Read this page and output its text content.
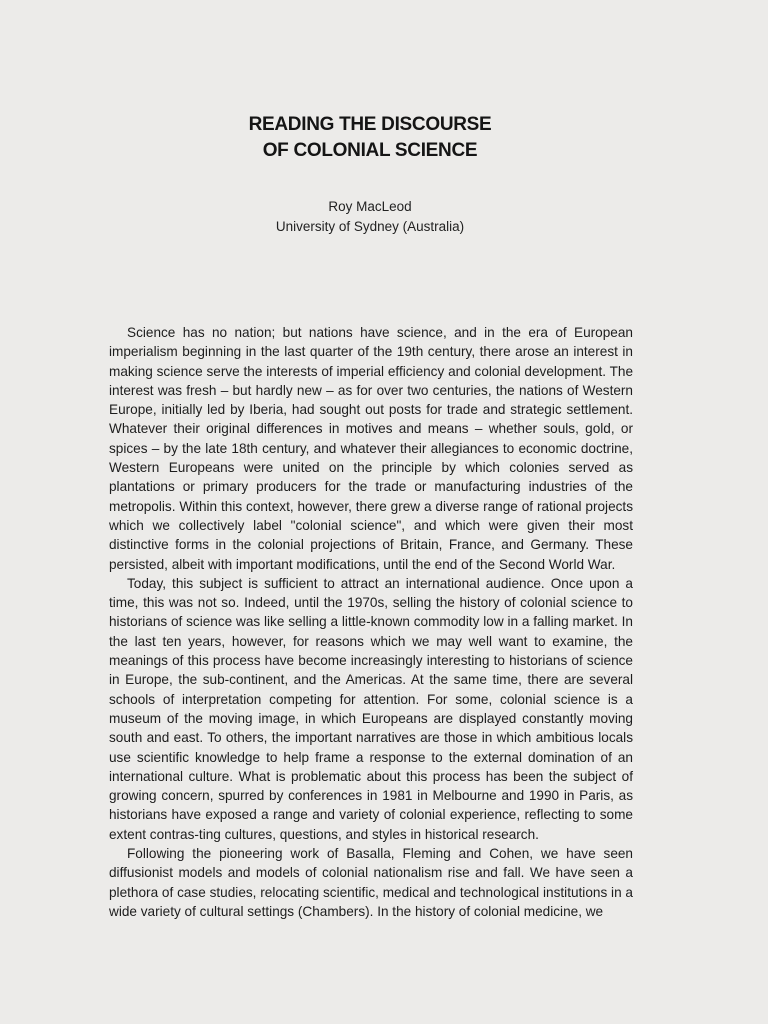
READING THE DISCOURSE
OF COLONIAL SCIENCE
Roy MacLeod
University of Sydney (Australia)

Science has no nation; but nations have science, and in the era of European imperialism beginning in the last quarter of the 19th century, there arose an interest in making science serve the interests of imperial efficiency and colonial development. The interest was fresh – but hardly new – as for over two centuries, the nations of Western Europe, initially led by Iberia, had sought out posts for trade and strategic settlement. Whatever their original differences in motives and means – whether souls, gold, or spices – by the late 18th century, and whatever their allegiances to economic doctrine, Western Europeans were united on the principle by which colonies served as plantations or primary producers for the trade or manufacturing industries of the metropolis. Within this context, however, there grew a diverse range of rational projects which we collectively label "colonial science", and which were given their most distinctive forms in the colonial projections of Britain, France, and Germany. These persisted, albeit with important modifications, until the end of the Second World War.

Today, this subject is sufficient to attract an international audience. Once upon a time, this was not so. Indeed, until the 1970s, selling the history of colonial science to historians of science was like selling a little-known commodity low in a falling market. In the last ten years, however, for reasons which we may well want to examine, the meanings of this process have become increasingly interesting to historians of science in Europe, the sub-continent, and the Americas. At the same time, there are several schools of interpretation competing for attention. For some, colonial science is a museum of the moving image, in which Europeans are displayed constantly moving south and east. To others, the important narratives are those in which ambitious locals use scientific knowledge to help frame a response to the external domination of an international culture. What is problematic about this process has been the subject of growing concern, spurred by conferences in 1981 in Melbourne and 1990 in Paris, as historians have exposed a range and variety of colonial experience, reflecting to some extent contras-ting cultures, questions, and styles in historical research.

Following the pioneering work of Basalla, Fleming and Cohen, we have seen diffusionist models and models of colonial nationalism rise and fall. We have seen a plethora of case studies, relocating scientific, medical and technological institutions in a wide variety of cultural settings (Chambers). In the history of colonial medicine, we
